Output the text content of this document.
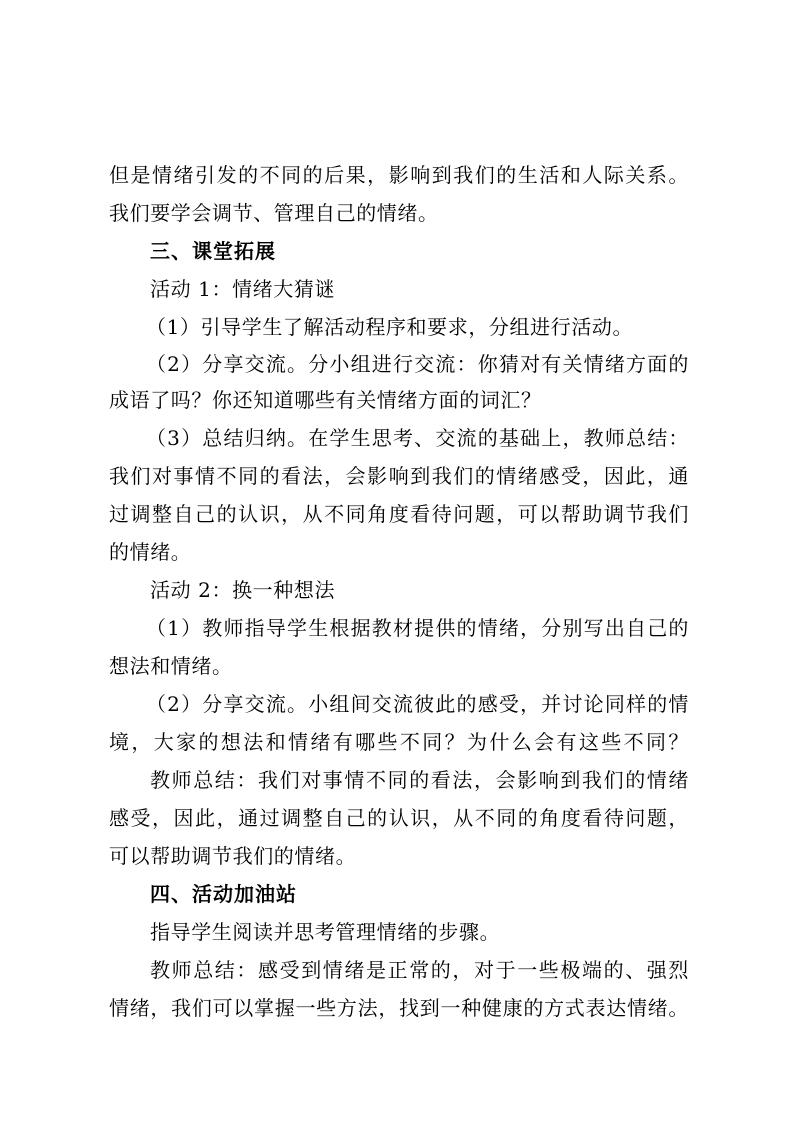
但是情绪引发的不同的后果，影响到我们的生活和人际关系。
我们要学会调节、管理自己的情绪。
三、课堂拓展
活动 1：情绪大猜谜
（1）引导学生了解活动程序和要求，分组进行活动。
（2）分享交流。分小组进行交流：你猜对有关情绪方面的
成语了吗？你还知道哪些有关情绪方面的词汇？
（3）总结归纳。在学生思考、交流的基础上，教师总结：
我们对事情不同的看法，会影响到我们的情绪感受，因此，通
过调整自己的认识，从不同角度看待问题，可以帮助调节我们
的情绪。
活动 2：换一种想法
（1）教师指导学生根据教材提供的情绪，分别写出自己的
想法和情绪。
（2）分享交流。小组间交流彼此的感受，并讨论同样的情
境，大家的想法和情绪有哪些不同？为什么会有这些不同？
教师总结：我们对事情不同的看法，会影响到我们的情绪
感受，因此，通过调整自己的认识，从不同的角度看待问题，
可以帮助调节我们的情绪。
四、活动加油站
指导学生阅读并思考管理情绪的步骤。
教师总结：感受到情绪是正常的，对于一些极端的、强烈
情绪，我们可以掌握一些方法，找到一种健康的方式表达情绪。
